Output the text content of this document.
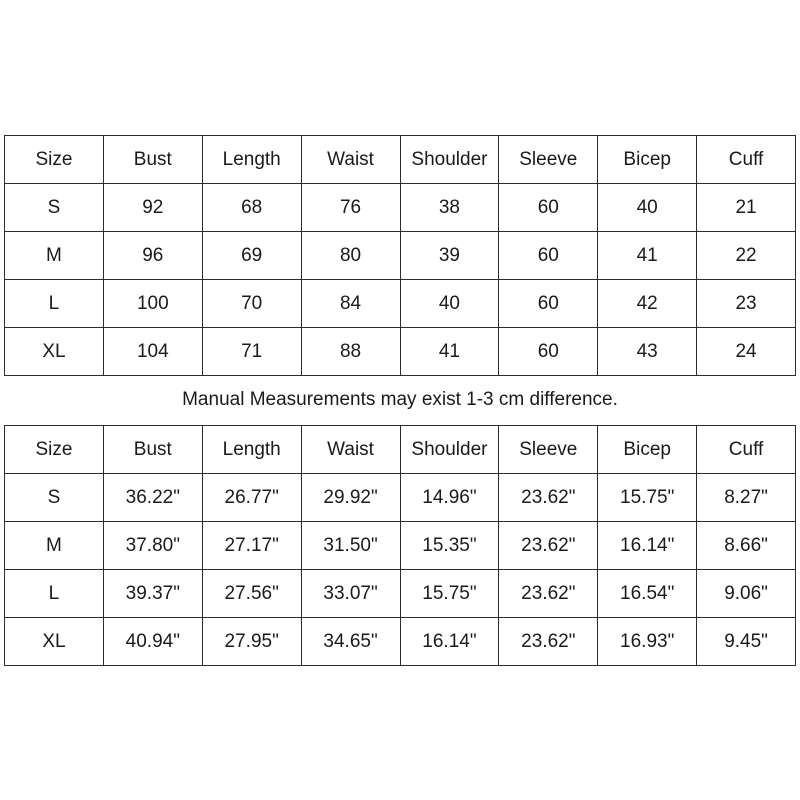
Size	Bust	Length	Waist	Shoulder	Sleeve	Bicep	Cuff
S	92	68	76	38	60	40	21
M	96	69	80	39	60	41	22
L	100	70	84	40	60	42	23
XL	104	71	88	41	60	43	24
Manual Measurements may exist 1-3 cm difference.
Size	Bust	Length	Waist	Shoulder	Sleeve	Bicep	Cuff
S	36.22"	26.77"	29.92"	14.96"	23.62"	15.75"	8.27"
M	37.80"	27.17"	31.50"	15.35"	23.62"	16.14"	8.66"
L	39.37"	27.56"	33.07"	15.75"	23.62"	16.54"	9.06"
XL	40.94"	27.95"	34.65"	16.14"	23.62"	16.93"	9.45"
